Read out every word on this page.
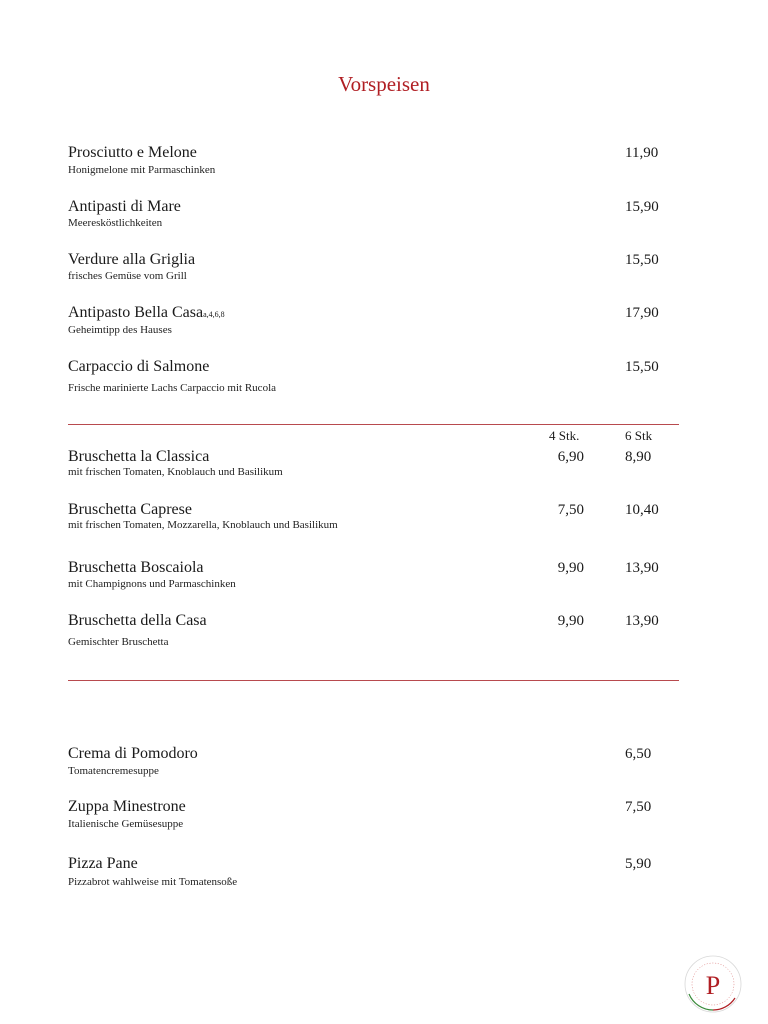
Vorspeisen
Prosciutto e Melone
Honigmelone mit Parmaschinken
11,90
Antipasti di Mare
Meeresköstlichkeiten
15,90
Verdure alla Griglia
frisches Gemüse vom Grill
15,50
Antipasto Bella Casaa,4,6,8
Geheimtipp des Hauses
17,90
Carpaccio di Salmone
Frische marinierte Lachs Carpaccio mit Rucola
15,50
4 Stk.	6 Stk
Bruschetta la Classica
mit frischen Tomaten, Knoblauch und Basilikum
6,90	8,90
Bruschetta Caprese
mit frischen Tomaten, Mozzarella, Knoblauch und Basilikum
7,50	10,40
Bruschetta Boscaiola
mit Champignons und Parmaschinken
9,90	13,90
Bruschetta della Casa
Gemischter Bruschetta
9,90	13,90
Crema di Pomodoro
Tomatencremesuppe
6,50
Zuppa Minestrone
Italienische Gemüsesuppe
7,50
Pizza Pane
Pizzabrot wahlweise mit Tomatensoße
5,90
P
